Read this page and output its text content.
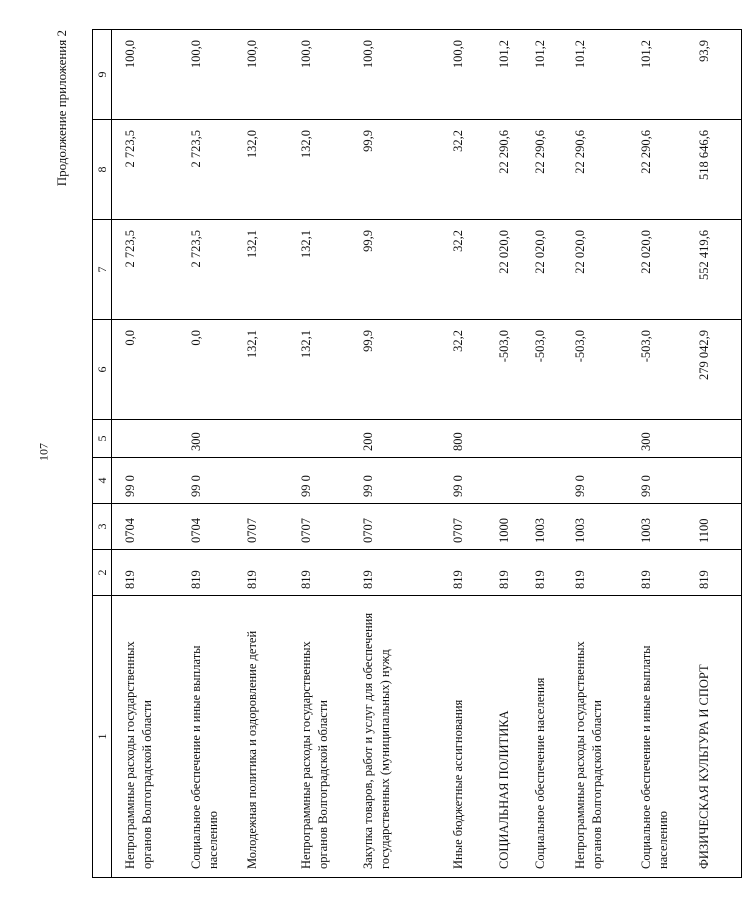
107
Продолжение приложения 2
1	2	3	4	5	6	7	8	9
Непрограммные расходы государственных органов Волгоградской области	819	0704	99 0		0,0	2 723,5	2 723,5	100,0
Социальное обеспечение и иные выплаты населению	819	0704	99 0	300	0,0	2 723,5	2 723,5	100,0
Молодежная политика и оздоровление детей	819	0707			132,1	132,1	132,0	100,0
Непрограммные расходы государственных органов Волгоградской области	819	0707	99 0		132,1	132,1	132,0	100,0
Закупка товаров, работ и услуг для обеспечения государственных (муниципальных) нужд	819	0707	99 0	200	99,9	99,9	99,9	100,0
Иные бюджетные ассигнования	819	0707	99 0	800	32,2	32,2	32,2	100,0
СОЦИАЛЬНАЯ ПОЛИТИКА	819	1000			-503,0	22 020,0	22 290,6	101,2
Социальное обеспечение населения	819	1003			-503,0	22 020,0	22 290,6	101,2
Непрограммные расходы государственных органов Волгоградской области	819	1003	99 0		-503,0	22 020,0	22 290,6	101,2
Социальное обеспечение и иные выплаты населению	819	1003	99 0	300	-503,0	22 020,0	22 290,6	101,2
ФИЗИЧЕСКАЯ КУЛЬТУРА И СПОРТ	819	1100			279 042,9	552 419,6	518 646,6	93,9
